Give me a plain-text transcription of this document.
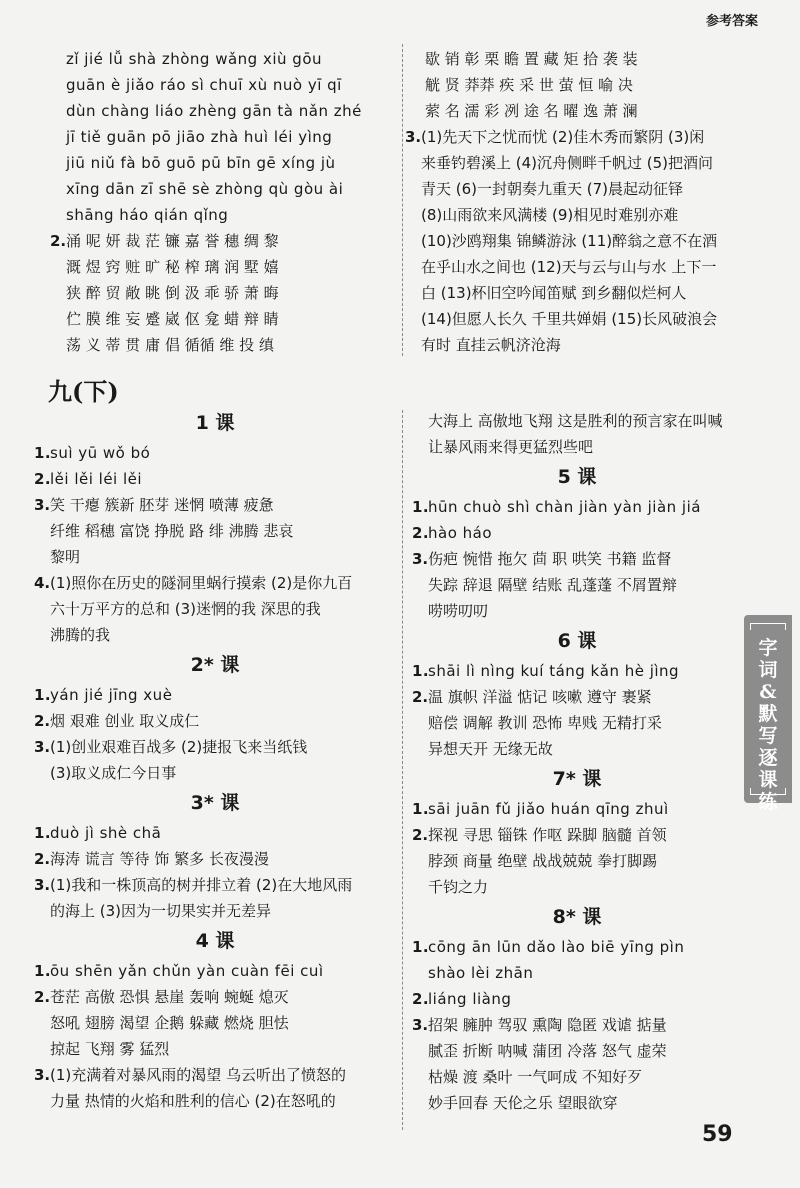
参考答案
zǐ jié lǚ shà zhòng wǎng xiù gōu
guān è jiǎo ráo sì chuī xù nuò yī qī
dùn chàng liáo zhèng gān tà nǎn zhé
jī tiě guān pō jiāo zhà huì léi yìng
jiū niǔ fà bō guō pū bīn gē xíng jù
xīng dān zī shē sè zhòng qù gòu ài
shāng háo qián qǐng
2.涌 呢 妍 裁 茫 镰 嘉 誉 穗 绸 黎
溉 煜 窍 赃 旷 秘 榨 璃 润 墅 嬉
狭 醉 贸 敞 眺 倒 汲 乖 骄 萧 晦
伫 膜 维 妄 蹙 崴 伛 龛 蜡 辩 睛
荡 义 蒂 贯 庸 倡 循循 维 投 缜
歇 销 彰 栗 瞻 置 藏 矩 拾 袭 装
觥 贤 莽莽 疾 采 世 萤 恒 喻 决
萦 名 濡 彩 冽 途 名 曜 逸 萧 澜
3.(1)先天下之忧而忧 (2)佳木秀而繁阴 (3)闲
来垂钓碧溪上 (4)沉舟侧畔千帆过 (5)把酒问
青天 (6)一封朝奏九重天 (7)晨起动征铎
(8)山雨欲来风满楼 (9)相见时难别亦难
(10)沙鸥翔集 锦鳞游泳 (11)醉翁之意不在酒
在乎山水之间也 (12)天与云与山与水 上下一
白 (13)杯旧空吟闻笛赋 到乡翻似烂柯人
(14)但愿人长久 千里共婵娟 (15)长风破浪会
有时 直挂云帆济沧海
九(下)
1 课
1.suì yū wǒ bó
2.lěi lěi léi lěi
3.笑 干瘪 簇新 胚芽 迷惘 喷薄 疲惫
纤维 稻穗 富饶 挣脱 路 绯 沸腾 悲哀
黎明
4.(1)照你在历史的隧洞里蜗行摸索 (2)是你九百
六十万平方的总和 (3)迷惘的我 深思的我
沸腾的我
2* 课
1.yán jié jīng xuè
2.烟 艰难 创业 取义成仁
3.(1)创业艰难百战多 (2)捷报飞来当纸钱
(3)取义成仁今日事
3* 课
1.duò jì shè chā
2.海涛 谎言 等待 饰 繁多 长夜漫漫
3.(1)我和一株顶高的树并排立着 (2)在大地风雨
的海上 (3)因为一切果实并无差异
4 课
1.ōu shēn yǎn chǔn yàn cuàn fēi cuì
2.苍茫 高傲 恐惧 悬崖 轰响 蜿蜒 熄灭
怒吼 翅膀 渴望 企鹅 躲藏 燃烧 胆怯
掠起 飞翔 雾 猛烈
3.(1)充满着对暴风雨的渴望 乌云听出了愤怒的
力量 热情的火焰和胜利的信心 (2)在怒吼的
大海上 高傲地飞翔 这是胜利的预言家在叫喊
让暴风雨来得更猛烈些吧
5 课
1.hūn chuò shì chàn jiàn yàn jiàn jiá
2.hào háo
3.伤疤 惋惜 拖欠 茴 职 哄笑 书籍 监督
失踪 辞退 隔壁 结账 乱蓬蓬 不屑置辩
唠唠叨叨
6 课
1.shāi lì nìng kuí táng kǎn hè jìng
2.温 旗帜 洋溢 惦记 咳嗽 遵守 裹紧
赔偿 调解 教训 恐怖 卑贱 无精打采
异想天开 无缘无故
7* 课
1.sāi juān fǔ jiǎo huán qīng zhuì
2.探视 寻思 锱铢 作呕 跺脚 脑髓 首领
脖颈 商量 绝壁 战战兢兢 拳打脚踢
千钧之力
8* 课
1.cōng ān lūn dǎo lào biē yīng pìn
shào lèi zhān
2.liáng liàng
3.招架 臃肿 驾驭 熏陶 隐匿 戏谑 掂量
腻歪 折断 呐喊 蒲团 冷落 怒气 虚荣
枯燥 渡 桑叶 一气呵成 不知好歹
妙手回春 天伦之乐 望眼欲穿
字
词
&
默
写
逐
课
练
59
